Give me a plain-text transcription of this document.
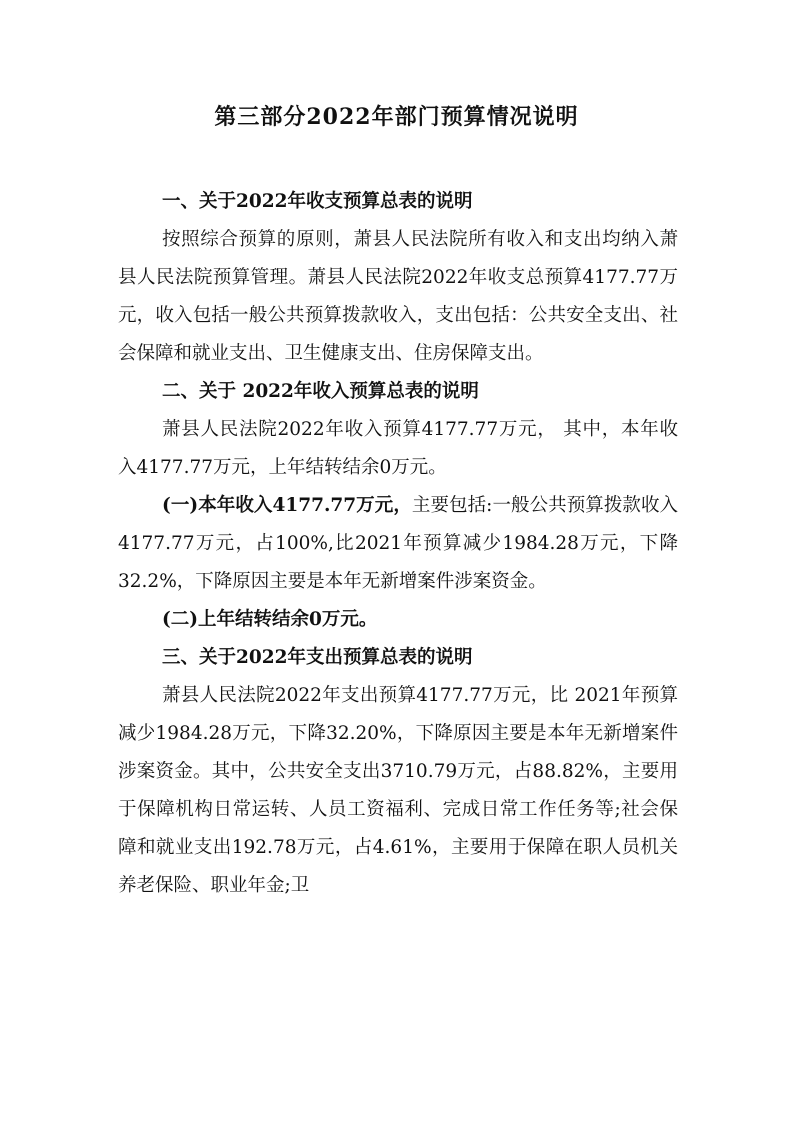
第三部分2022年部门预算情况说明

一、关于2022年收支预算总表的说明

按照综合预算的原则，萧县人民法院所有收入和支出均纳入萧县人民法院预算管理。萧县人民法院2022年收支总预算4177.77万元，收入包括一般公共预算拨款收入，支出包括：公共安全支出、社会保障和就业支出、卫生健康支出、住房保障支出。

二、关于 2022年收入预算总表的说明

萧县人民法院2022年收入预算4177.77万元， 其中，本年收入4177.77万元，上年结转结余0万元。

(一)本年收入4177.77万元，主要包括:一般公共预算拨款收入4177.77万元，占100%,比2021年预算减少1984.28万元，下降32.2%，下降原因主要是本年无新增案件涉案资金。

(二)上年结转结余0万元。

三、关于2022年支出预算总表的说明

萧县人民法院2022年支出预算4177.77万元，比 2021年预算减少1984.28万元，下降32.20%，下降原因主要是本年无新增案件涉案资金。其中，公共安全支出3710.79万元，占88.82%，主要用于保障机构日常运转、人员工资福利、完成日常工作任务等;社会保障和就业支出192.78万元，占4.61%，主要用于保障在职人员机关养老保险、职业年金;卫
